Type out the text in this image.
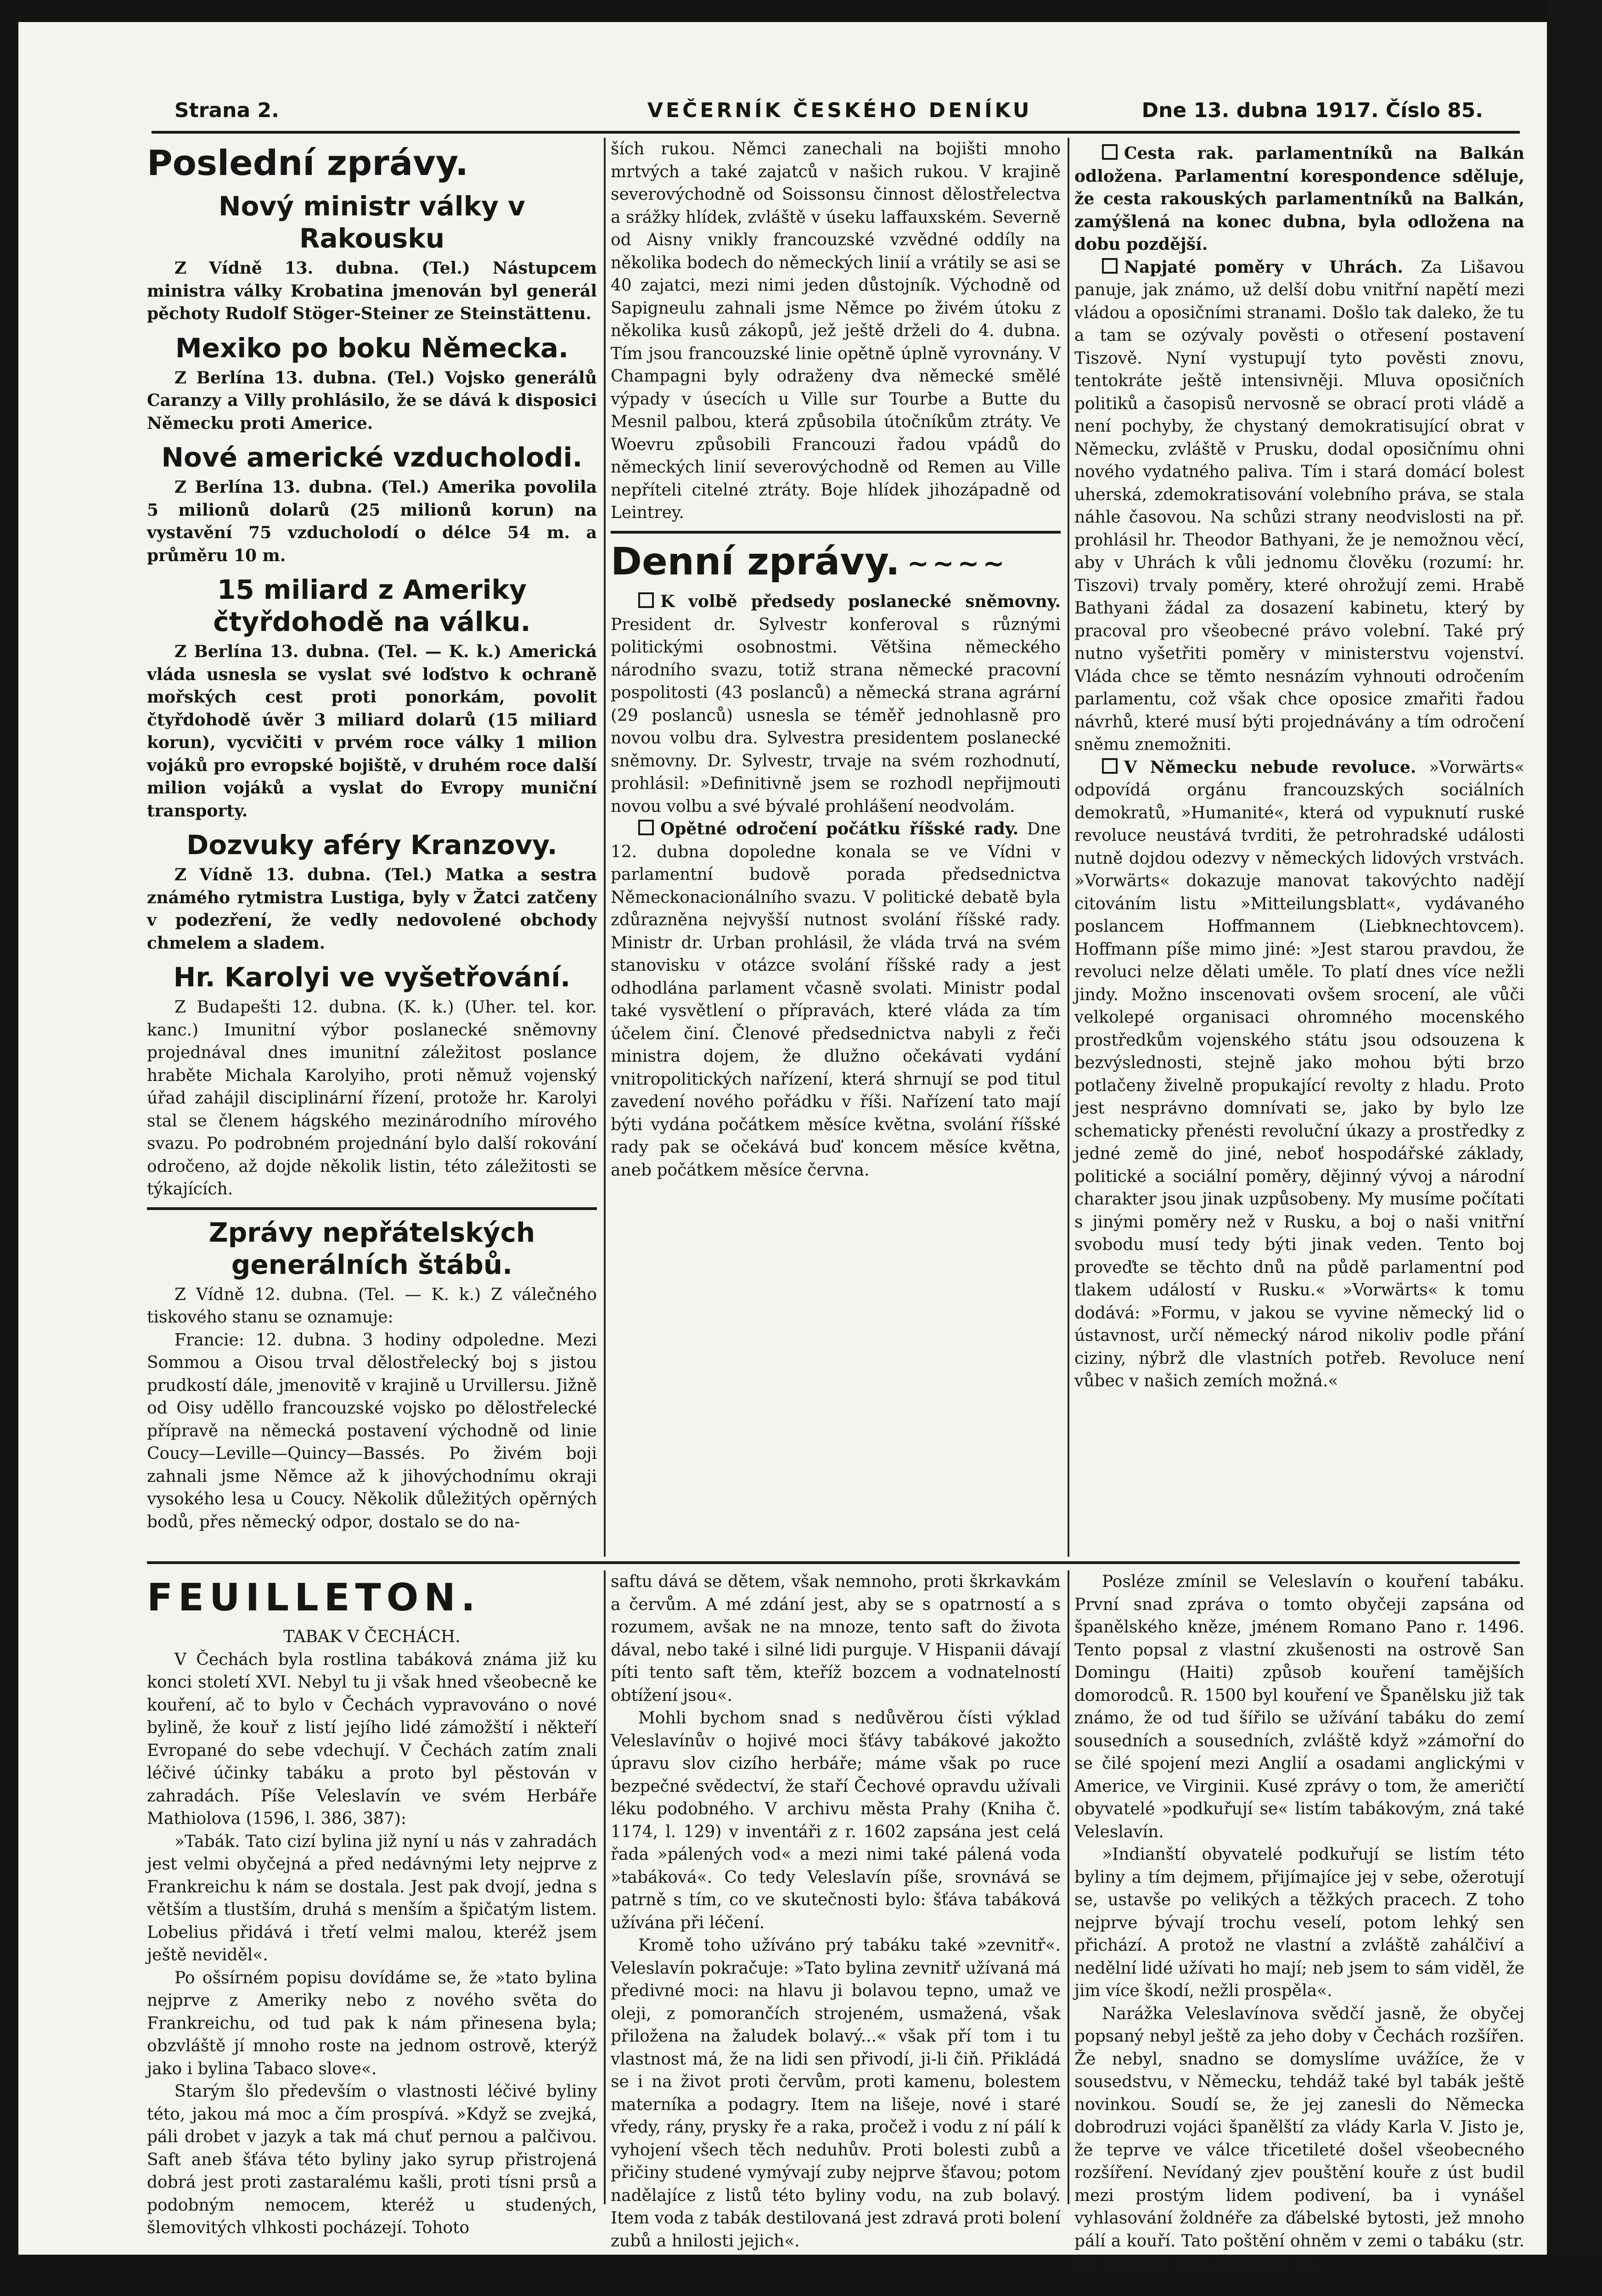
Strana 2.	VEČERNÍK ČESKÉHO DENÍKU	Dne 13. dubna 1917. Číslo 85.
Poslední zprávy.
Nový ministr války v Rakousku

Z Vídně 13. dubna. (Tel.) Nástupcem ministra války Krobatina jmenován byl generál pěchoty Rudolf Stöger-Steiner ze Steinstättenu.

Mexiko po boku Německa.

Z Berlína 13. dubna. (Tel.) Vojsko generálů Caranzy a Villy prohlásilo, že se dává k disposici Německu proti Americe.

Nové americké vzducholodi.

Z Berlína 13. dubna. (Tel.) Amerika povolila 5 milionů dolarů (25 milionů korun) na vystavění 75 vzducholodí o délce 54 m. a průměru 10 m.

15 miliard z Ameriky čtyřdohodě na válku.

Z Berlína 13. dubna. (Tel. — K. k.) Americká vláda usnesla se vyslat své loďstvo k ochraně mořských cest proti ponorkám, povolit čtyřdohodě úvěr 3 miliard dolarů (15 miliard korun), vycvičiti v prvém roce války 1 milion vojáků pro evropské bojiště, v druhém roce další milion vojáků a vyslat do Evropy muniční transporty.

Dozvuky aféry Kranzovy.

Z Vídně 13. dubna. (Tel.) Matka a sestra známého rytmistra Lustiga, byly v Žatci zatčeny v podezření, že vedly nedovolené obchody chmelem a sladem.

Hr. Karolyi ve vyšetřování.

Z Budapešti 12. dubna. (K. k.) (Uher. tel. kor. kanc.) Imunitní výbor poslanecké sněmovny projednával dnes imunitní záležitost poslance hraběte Michala Karolyiho, proti němuž vojenský úřad zahájil disciplinární řízení, protože hr. Karolyi stal se členem hágského mezinárodního mírového svazu. Po podrobném projednání bylo další rokování odročeno, až dojde několik listin, této záležitosti se týkajících.

Zprávy nepřátelských generálních štábů.

Z Vídně 12. dubna. (Tel. — K. k.) Z válečného tiskového stanu se oznamuje:

Francie: 12. dubna. 3 hodiny odpoledne. Mezi Sommou a Oisou trval dělostřelecký boj s jistou prudkostí dále, jmenovitě v krajině u Urvillersu. Jižně od Oisy uděllo francouzské vojsko po dělostřelecké přípravě na německá postavení východně od linie Coucy—Leville—Quincy—Bassés. Po živém boji zahnali jsme Němce až k jihovýchodnímu okraji vysokého lesa u Coucy. Několik důležitých opěrných bodů, přes německý odpor, dostalo se do na-

ších rukou. Němci zanechali na bojišti mnoho mrtvých a také zajatců v našich rukou. V krajině severovýchodně od Soissonsu činnost dělostřelectva a srážky hlídek, zvláště v úseku laffauxském. Severně od Aisny vnikly francouzské vzvědné oddíly na několika bodech do německých linií a vrátily se asi se 40 zajatci, mezi nimi jeden důstojník. Východně od Sapigneulu zahnali jsme Němce po živém útoku z několika kusů zákopů, jež ještě drželi do 4. dubna. Tím jsou francouzské linie opětně úplně vyrovnány. V Champagni byly odraženy dva německé smělé výpady v úsecích u Ville sur Tourbe a Butte du Mesnil palbou, která způsobila útočníkům ztráty. Ve Woevru způsobili Francouzi řadou vpádů do německých linií severovýchodně od Remen au Ville nepříteli citelné ztráty. Boje hlídek jihozápadně od Leintrey.

Denní zprávy. ~~~~

K volbě předsedy poslanecké sněmovny. President dr. Sylvestr konferoval s různými politickými osobnostmi. Většina německého národního svazu, totiž strana německé pracovní pospolitosti (43 poslanců) a německá strana agrární (29 poslanců) usnesla se téměř jednohlasně pro novou volbu dra. Sylvestra presidentem poslanecké sněmovny. Dr. Sylvestr, trvaje na svém rozhodnutí, prohlásil: »Definitivně jsem se rozhodl nepřijmouti novou volbu a své bývalé prohlášení neodvolám.

Opětné odročení počátku říšské rady. Dne 12. dubna dopoledne konala se ve Vídni v parlamentní budově porada předsednictva Německonacionálního svazu. V politické debatě byla zdůrazněna nejvyšší nutnost svolání říšské rady. Ministr dr. Urban prohlásil, že vláda trvá na svém stanovisku v otázce svolání říšské rady a jest odhodlána parlament včasně svolati. Ministr podal také vysvětlení o přípravách, které vláda za tím účelem činí. Členové předsednictva nabyli z řeči ministra dojem, že dlužno očekávati vydání vnitropolitických nařízení, která shrnují se pod titul zavedení nového pořádku v říši. Nařízení tato mají býti vydána počátkem měsíce května, svolání říšské rady pak se očekává buď koncem měsíce května, aneb počátkem měsíce června.

Cesta rak. parlamentníků na Balkán odložena. Parlamentní korespondence sděluje, že cesta rakouských parlamentníků na Balkán, zamýšlená na konec dubna, byla odložena na dobu pozdější.

Napjaté poměry v Uhrách. Za Lišavou panuje, jak známo, už delší dobu vnitřní napětí mezi vládou a oposičními stranami. Došlo tak daleko, že tu a tam se ozývaly pověsti o otřesení postavení Tiszově. Nyní vystupují tyto pověsti znovu, tentokráte ještě intensivněji. Mluva oposičních politiků a časopisů nervosně se obrací proti vládě a není pochyby, že chystaný demokratisující obrat v Německu, zvláště v Prusku, dodal oposičnímu ohni nového vydatného paliva. Tím i stará domácí bolest uherská, zdemokratisování volebního práva, se stala náhle časovou. Na schůzi strany neodvislosti na př. prohlásil hr. Theodor Bathyani, že je nemožnou věcí, aby v Uhrách k vůli jednomu člověku (rozumí: hr. Tiszovi) trvaly poměry, které ohrožují zemi. Hrabě Bathyani žádal za dosazení kabinetu, který by pracoval pro všeobecné právo volební. Také prý nutno vyšetřiti poměry v ministerstvu vojenství. Vláda chce se těmto nesnázím vyhnouti odročením parlamentu, což však chce oposice zmařiti řadou návrhů, které musí býti projednávány a tím odročení sněmu znemožniti.

V Německu nebude revoluce. »Vorwärts« odpovídá orgánu francouzských sociálních demokratů, »Humanité«, která od vypuknutí ruské revoluce neustává tvrditi, že petrohradské události nutně dojdou odezvy v německých lidových vrstvách. »Vorwärts« dokazuje manovat takovýchto nadějí citováním listu »Mitteilungsblatt«, vydávaného poslancem Hoffmannem (Liebknechtovcem). Hoffmann píše mimo jiné: »Jest starou pravdou, že revoluci nelze dělati uměle. To platí dnes více nežli jindy. Možno inscenovati ovšem srocení, ale vůči velkolepé organisaci ohromného mocenského prostředkům vojenského státu jsou odsouzena k bezvýslednosti, stejně jako mohou býti brzo potlačeny živelně propukající revolty z hladu. Proto jest nesprávno domnívati se, jako by bylo lze schematicky přenésti revoluční úkazy a prostředky z jedné země do jiné, neboť hospodářské základy, politické a sociální poměry, dějinný vývoj a národní charakter jsou jinak uzpůsobeny. My musíme počítati s jinými poměry než v Rusku, a boj o naši vnitřní svobodu musí tedy býti jinak veden. Tento boj proveďte se těchto dnů na půdě parlamentní pod tlakem událostí v Rusku.« »Vorwärts« k tomu dodává: »Formu, v jakou se vyvine německý lid o ústavnost, určí německý národ nikoliv podle přání ciziny, nýbrž dle vlastních potřeb. Revoluce není vůbec v našich zemích možná.«

FEUILLETON.

TABAK V ČECHÁCH.

V Čechách byla rostlina tabáková známa již ku konci století XVI. Nebyl tu ji však hned všeobecně ke kouření, ač to bylo v Čechách vypravováno o nové bylině, že kouř z listí jejího lidé zámožští i někteří Evropané do sebe vdechují. V Čechách zatím znali léčivé účinky tabáku a proto byl pěstován v zahradách. Píše Veleslavín ve svém Herbáře Mathiolova (1596, l. 386, 387):

»Tabák. Tato cizí bylina již nyní u nás v zahradách jest velmi obyčejná a před nedávnými lety nejprve z Frankreichu k nám se dostala. Jest pak dvojí, jedna s větším a tlustším, druhá s menším a špičatým listem. Lobelius přidává i třetí velmi malou, kteréž jsem ještě neviděl«.

Po ošsírném popisu dovídáme se, že »tato bylina nejprve z Ameriky nebo z nového světa do Frankreichu, od tud pak k nám přinesena byla; obzvláště jí mnoho roste na jednom ostrově, kterýž jako i bylina Tabaco slove«.

Starým šlo především o vlastnosti léčivé byliny této, jakou má moc a čím prospívá. »Když se zvejká, páli drobet v jazyk a tak má chuť pernou a palčivou. Saft aneb šťáva této byliny jako syrup přistrojená dobrá jest proti zastaralému kašli, proti tísni prsů a podobným nemocem, kteréž u studených, šlemovitých vlhkosti pocházejí. Tohoto

saftu dává se dětem, však nemnoho, proti škrkavkám a červům. A mé zdání jest, aby se s opatrností a s rozumem, avšak ne na mnoze, tento saft do života dával, nebo také i silné lidi purguje. V Hispanii dávají píti tento saft těm, kteříž bozcem a vodnatelností obtížení jsou«.

Mohli bychom snad s nedůvěrou čísti výklad Veleslavínův o hojivé moci šťávy tabákové jakožto úpravu slov cizího herbáře; máme však po ruce bezpečné svědectví, že staří Čechové opravdu užívali léku podobného. V archivu města Prahy (Kniha č. 1174, l. 129) v inventáři z r. 1602 zapsána jest celá řada »pálených vod« a mezi nimi také pálená voda »tabáková«. Co tedy Veleslavín píše, srovnává se patrně s tím, co ve skutečnosti bylo: šťáva tabáková užívána při léčení.

Kromě toho užíváno prý tabáku také »zevnitř«. Veleslavín pokračuje: »Tato bylina zevnitř užívaná má předivné moci: na hlavu ji bolavou tepno, umaž ve oleji, z pomorančích strojeném, usmažená, však přiložena na žaludek bolavý...« však pří tom i tu vlastnost má, že na lidi sen přivodí, ji-li čiň. Přikládá se i na život proti červům, proti kamenu, bolestem materníka a podagry. Item na lišeje, nové i staré vředy, rány, prysky ře a raka, pročež i vodu z ní pálí k vyhojení všech těch neduhův. Proti bolesti zubů a přičiny studené vymývají zuby nejprve šťavou; potom nadělajíce z listů této byliny vodu, na zub bolavý. Item voda z tabák destilovaná jest zdravá proti bolení zubů a hnilosti jejich«.

Posléze zmínil se Veleslavín o kouření tabáku. První snad zpráva o tomto obyčeji zapsána od španělského kněze, jménem Romano Pano r. 1496. Tento popsal z vlastní zkušenosti na ostrově San Domingu (Haiti) způsob kouření tamějších domorodců. R. 1500 byl kouření ve Španělsku již tak známo, že od tud šířilo se užívání tabáku do zemí sousedních a sousedních, zvláště když »zámořní do se čilé spojení mezi Anglií a osadami anglickými v Americe, ve Virginii. Kusé zprávy o tom, že američtí obyvatelé »podkuřují se« listím tabákovým, zná také Veleslavín.

»Indianští obyvatelé podkuřují se listím této byliny a tím dejmem, přijímajíce jej v sebe, ožerotují se, ustavše po velikých a těžkých pracech. Z toho nejprve bývají trochu veselí, potom lehký sen přichází. A protož ne vlastní a zvláště zahálčiví a nedělní lidé užívati ho mají; neb jsem to sám viděl, že jim více škodí, nežli prospěla«.

Narážka Veleslavínova svědčí jasně, že obyčej popsaný nebyl ještě za jeho doby v Čechách rozšířen. Že nebyl, snadno se domyslíme uvážíce, že v sousedstvu, v Německu, tehdáž také byl tabák ještě novinkou. Soudí se, že jej zanesli do Německa dobrodruzi vojáci španělští za vlády Karla V. Jisto je, že teprve ve válce třicetileté došel všeobecného rozšíření. Nevídaný zjev pouštění kouře z úst budil mezi prostým lidem podivení, ba i vynášel vyhlasování žoldnéře za ďábelské bytosti, jež mnoho pálí a kouří. Tato poštění ohněm v zemi o tabáku (str. 6.) zapsána jest anekdota, že
